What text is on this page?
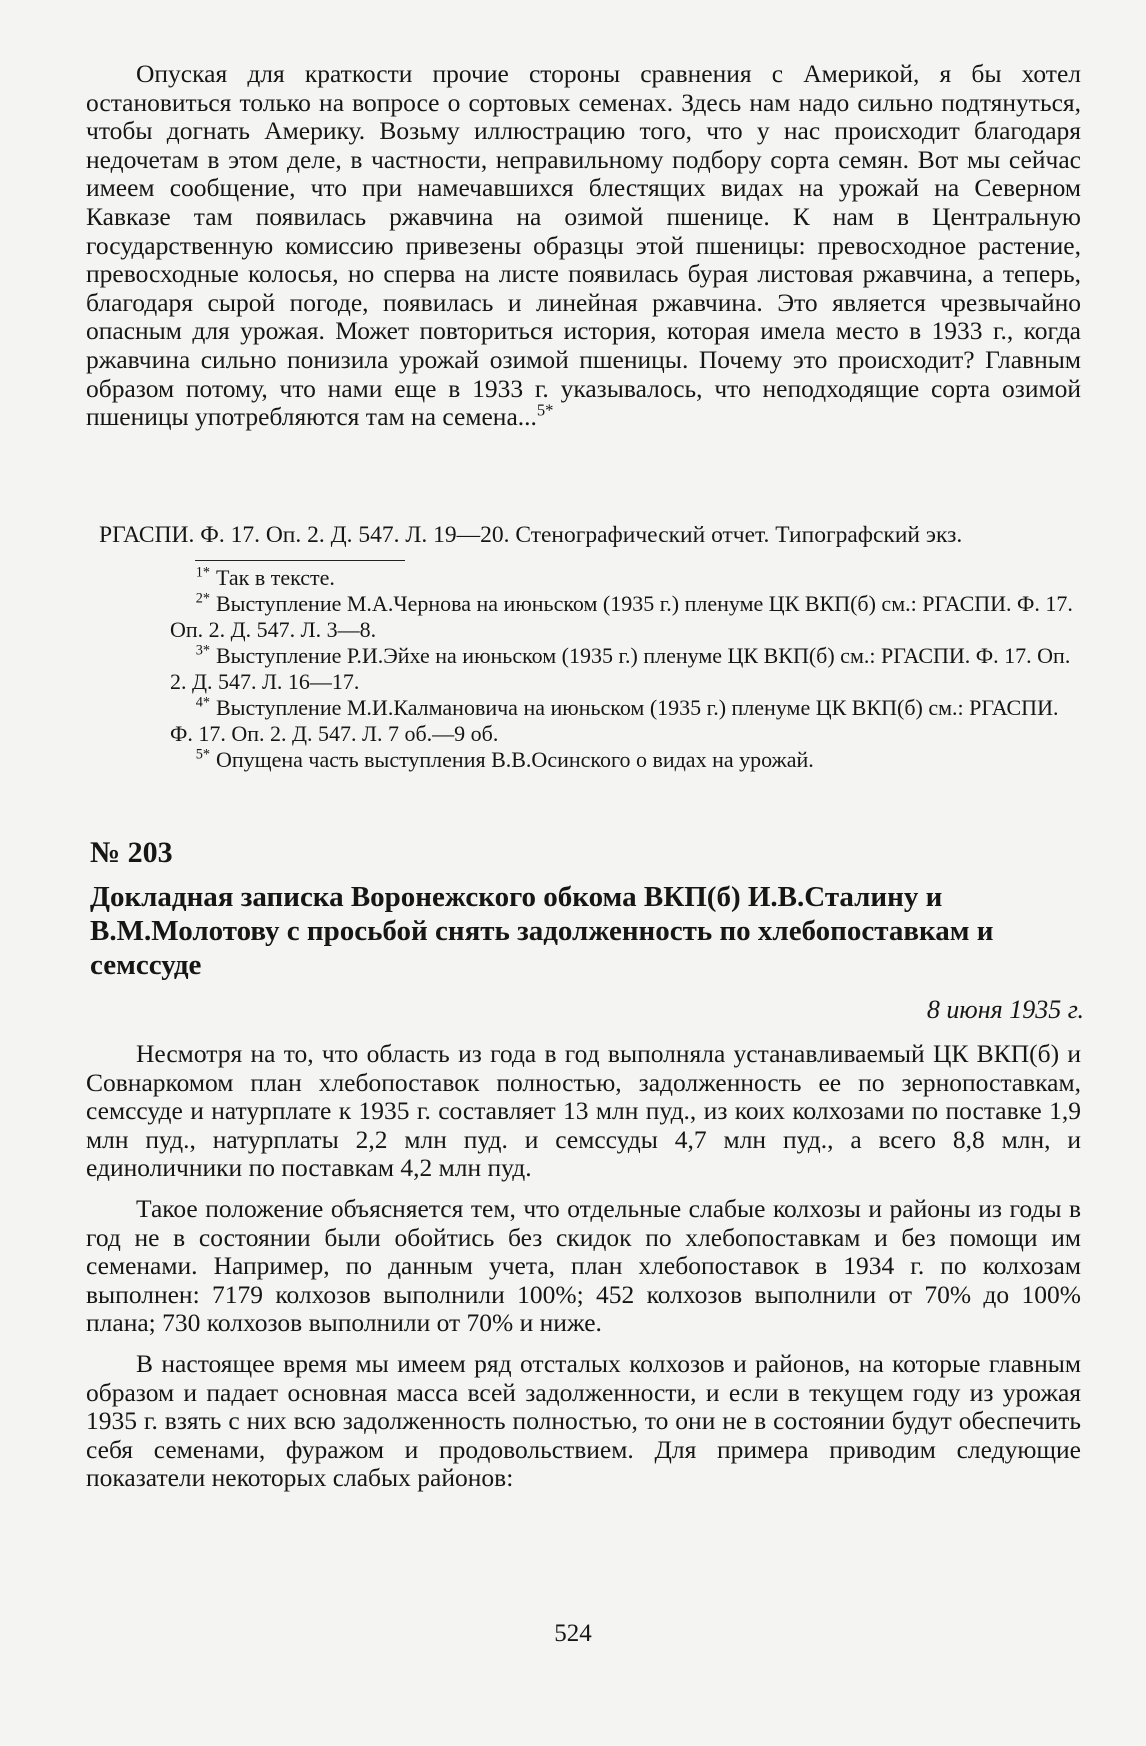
Опуская для краткости прочие стороны сравнения с Америкой, я бы хотел остановиться только на вопросе о сортовых семенах. Здесь нам надо сильно подтянуться, чтобы догнать Америку. Возьму иллюстрацию того, что у нас происходит благодаря недочетам в этом деле, в частности, неправильному подбору сорта семян. Вот мы сейчас имеем сообщение, что при намечавшихся блестящих видах на урожай на Северном Кавказе там появилась ржавчина на озимой пшенице. К нам в Центральную государственную комиссию привезены образцы этой пшеницы: превосходное растение, превосходные колосья, но сперва на листе появилась бурая листовая ржавчина, а теперь, благодаря сырой погоде, появилась и линейная ржавчина. Это является чрезвычайно опасным для урожая. Может повториться история, которая имела место в 1933 г., когда ржавчина сильно понизила урожай озимой пшеницы. Почему это происходит? Главным образом потому, что нами еще в 1933 г. указывалось, что неподходящие сорта озимой пшеницы употребляются там на семена...$^{5*}$

РГАСПИ. Ф. 17. Оп. 2. Д. 547. Л. 19—20. Стенографический отчет. Типографский экз.

$^{1*}$ Так в тексте.

$^{2*}$ Выступление М.А.Чернова на июньском (1935 г.) пленуме ЦК ВКП(б) см.: РГАСПИ. Ф. 17. Оп. 2. Д. 547. Л. 3—8.

$^{3*}$ Выступление Р.И.Эйхе на июньском (1935 г.) пленуме ЦК ВКП(б) см.: РГАСПИ. Ф. 17. Оп. 2. Д. 547. Л. 16—17.

$^{4*}$ Выступление М.И.Калмановича на июньском (1935 г.) пленуме ЦК ВКП(б) см.: РГАСПИ. Ф. 17. Оп. 2. Д. 547. Л. 7 об.—9 об.

$^{5*}$ Опущена часть выступления В.В.Осинского о видах на урожай.

№ 203
Докладная записка Воронежского обкома ВКП(б) И.В.Сталину и В.М.Молотову с просьбой снять задолженность по хлебопоставкам и семссуде
8 июня 1935 г.

Несмотря на то, что область из года в год выполняла устанавливаемый ЦК ВКП(б) и Совнаркомом план хлебопоставок полностью, задолженность ее по зернопоставкам, семссуде и натурплате к 1935 г. составляет 13 млн пуд., из коих колхозами по поставке 1,9 млн пуд., натурплаты 2,2 млн пуд. и семссуды 4,7 млн пуд., а всего 8,8 млн, и единоличники по поставкам 4,2 млн пуд.

Такое положение объясняется тем, что отдельные слабые колхозы и районы из годы в год не в состоянии были обойтись без скидок по хлебопоставкам и без помощи им семенами. Например, по данным учета, план хлебопоставок в 1934 г. по колхозам выполнен: 7179 колхозов выполнили 100%; 452 колхозов выполнили от 70% до 100% плана; 730 колхозов выполнили от 70% и ниже.

В настоящее время мы имеем ряд отсталых колхозов и районов, на которые главным образом и падает основная масса всей задолженности, и если в текущем году из урожая 1935 г. взять с них всю задолженность полностью, то они не в состоянии будут обеспечить себя семенами, фуражом и продовольствием. Для примера приводим следующие показатели некоторых слабых районов:

524
